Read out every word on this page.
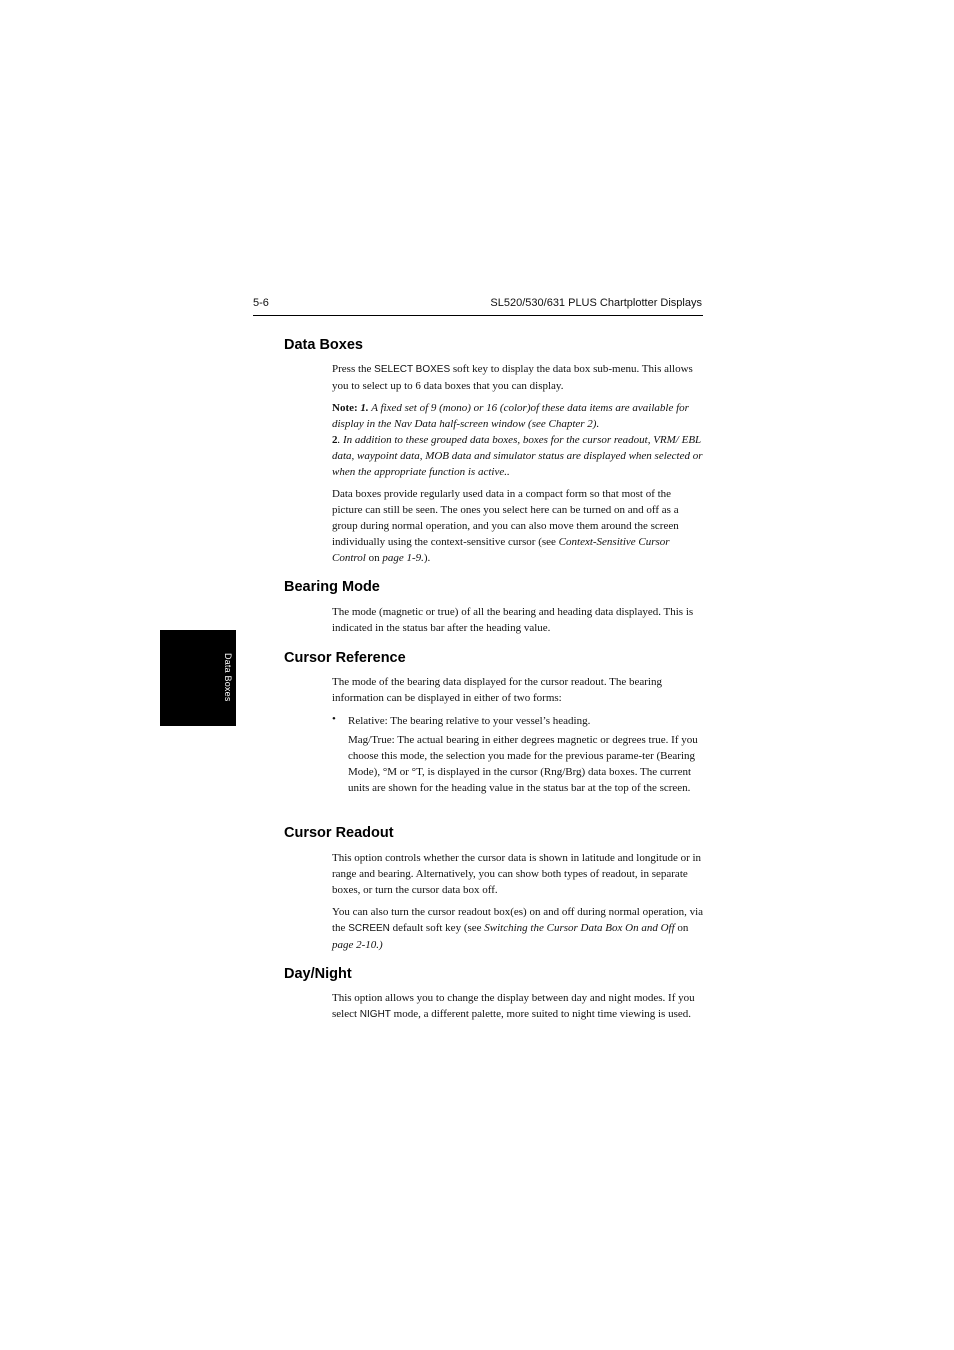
5-6	SL520/530/631 PLUS Chartplotter Displays
Data Boxes
Data Boxes

Press the SELECT BOXES soft key to display the data box sub-menu. This allows you to select up to 6 data boxes that you can display.

Note: 1. A fixed set of 9 (mono) or 16 (color)of these data items are available for display in the Nav Data half-screen window (see Chapter 2).
2. In addition to these grouped data boxes, boxes for the cursor readout, VRM/ EBL data, waypoint data, MOB data and simulator status are displayed when selected or when the appropriate function is active..

Data boxes provide regularly used data in a compact form so that most of the picture can still be seen. The ones you select here can be turned on and off as a group during normal operation, and you can also move them around the screen individually using the context-sensitive cursor (see Context-Sensitive Cursor Control on page 1-9.).

Bearing Mode

The mode (magnetic or true) of all the bearing and heading data displayed. This is indicated in the status bar after the heading value.

Cursor Reference

The mode of the bearing data displayed for the cursor readout. The bearing information can be displayed in either of two forms:

• Relative: The bearing relative to your vessel’s heading.

Mag/True: The actual bearing in either degrees magnetic or degrees true. If you choose this mode, the selection you made for the previous parame-ter (Bearing Mode), °M or °T, is displayed in the cursor (Rng/Brg) data boxes. The current units are shown for the heading value in the status bar at the top of the screen.

Cursor Readout

This option controls whether the cursor data is shown in latitude and longitude or in range and bearing. Alternatively, you can show both types of readout, in separate boxes, or turn the cursor data box off.

You can also turn the cursor readout box(es) on and off during normal operation, via the SCREEN default soft key (see Switching the Cursor Data Box On and Off on page 2-10.)

Day/Night

This option allows you to change the display between day and night modes. If you select NIGHT mode, a different palette, more suited to night time viewing is used.
